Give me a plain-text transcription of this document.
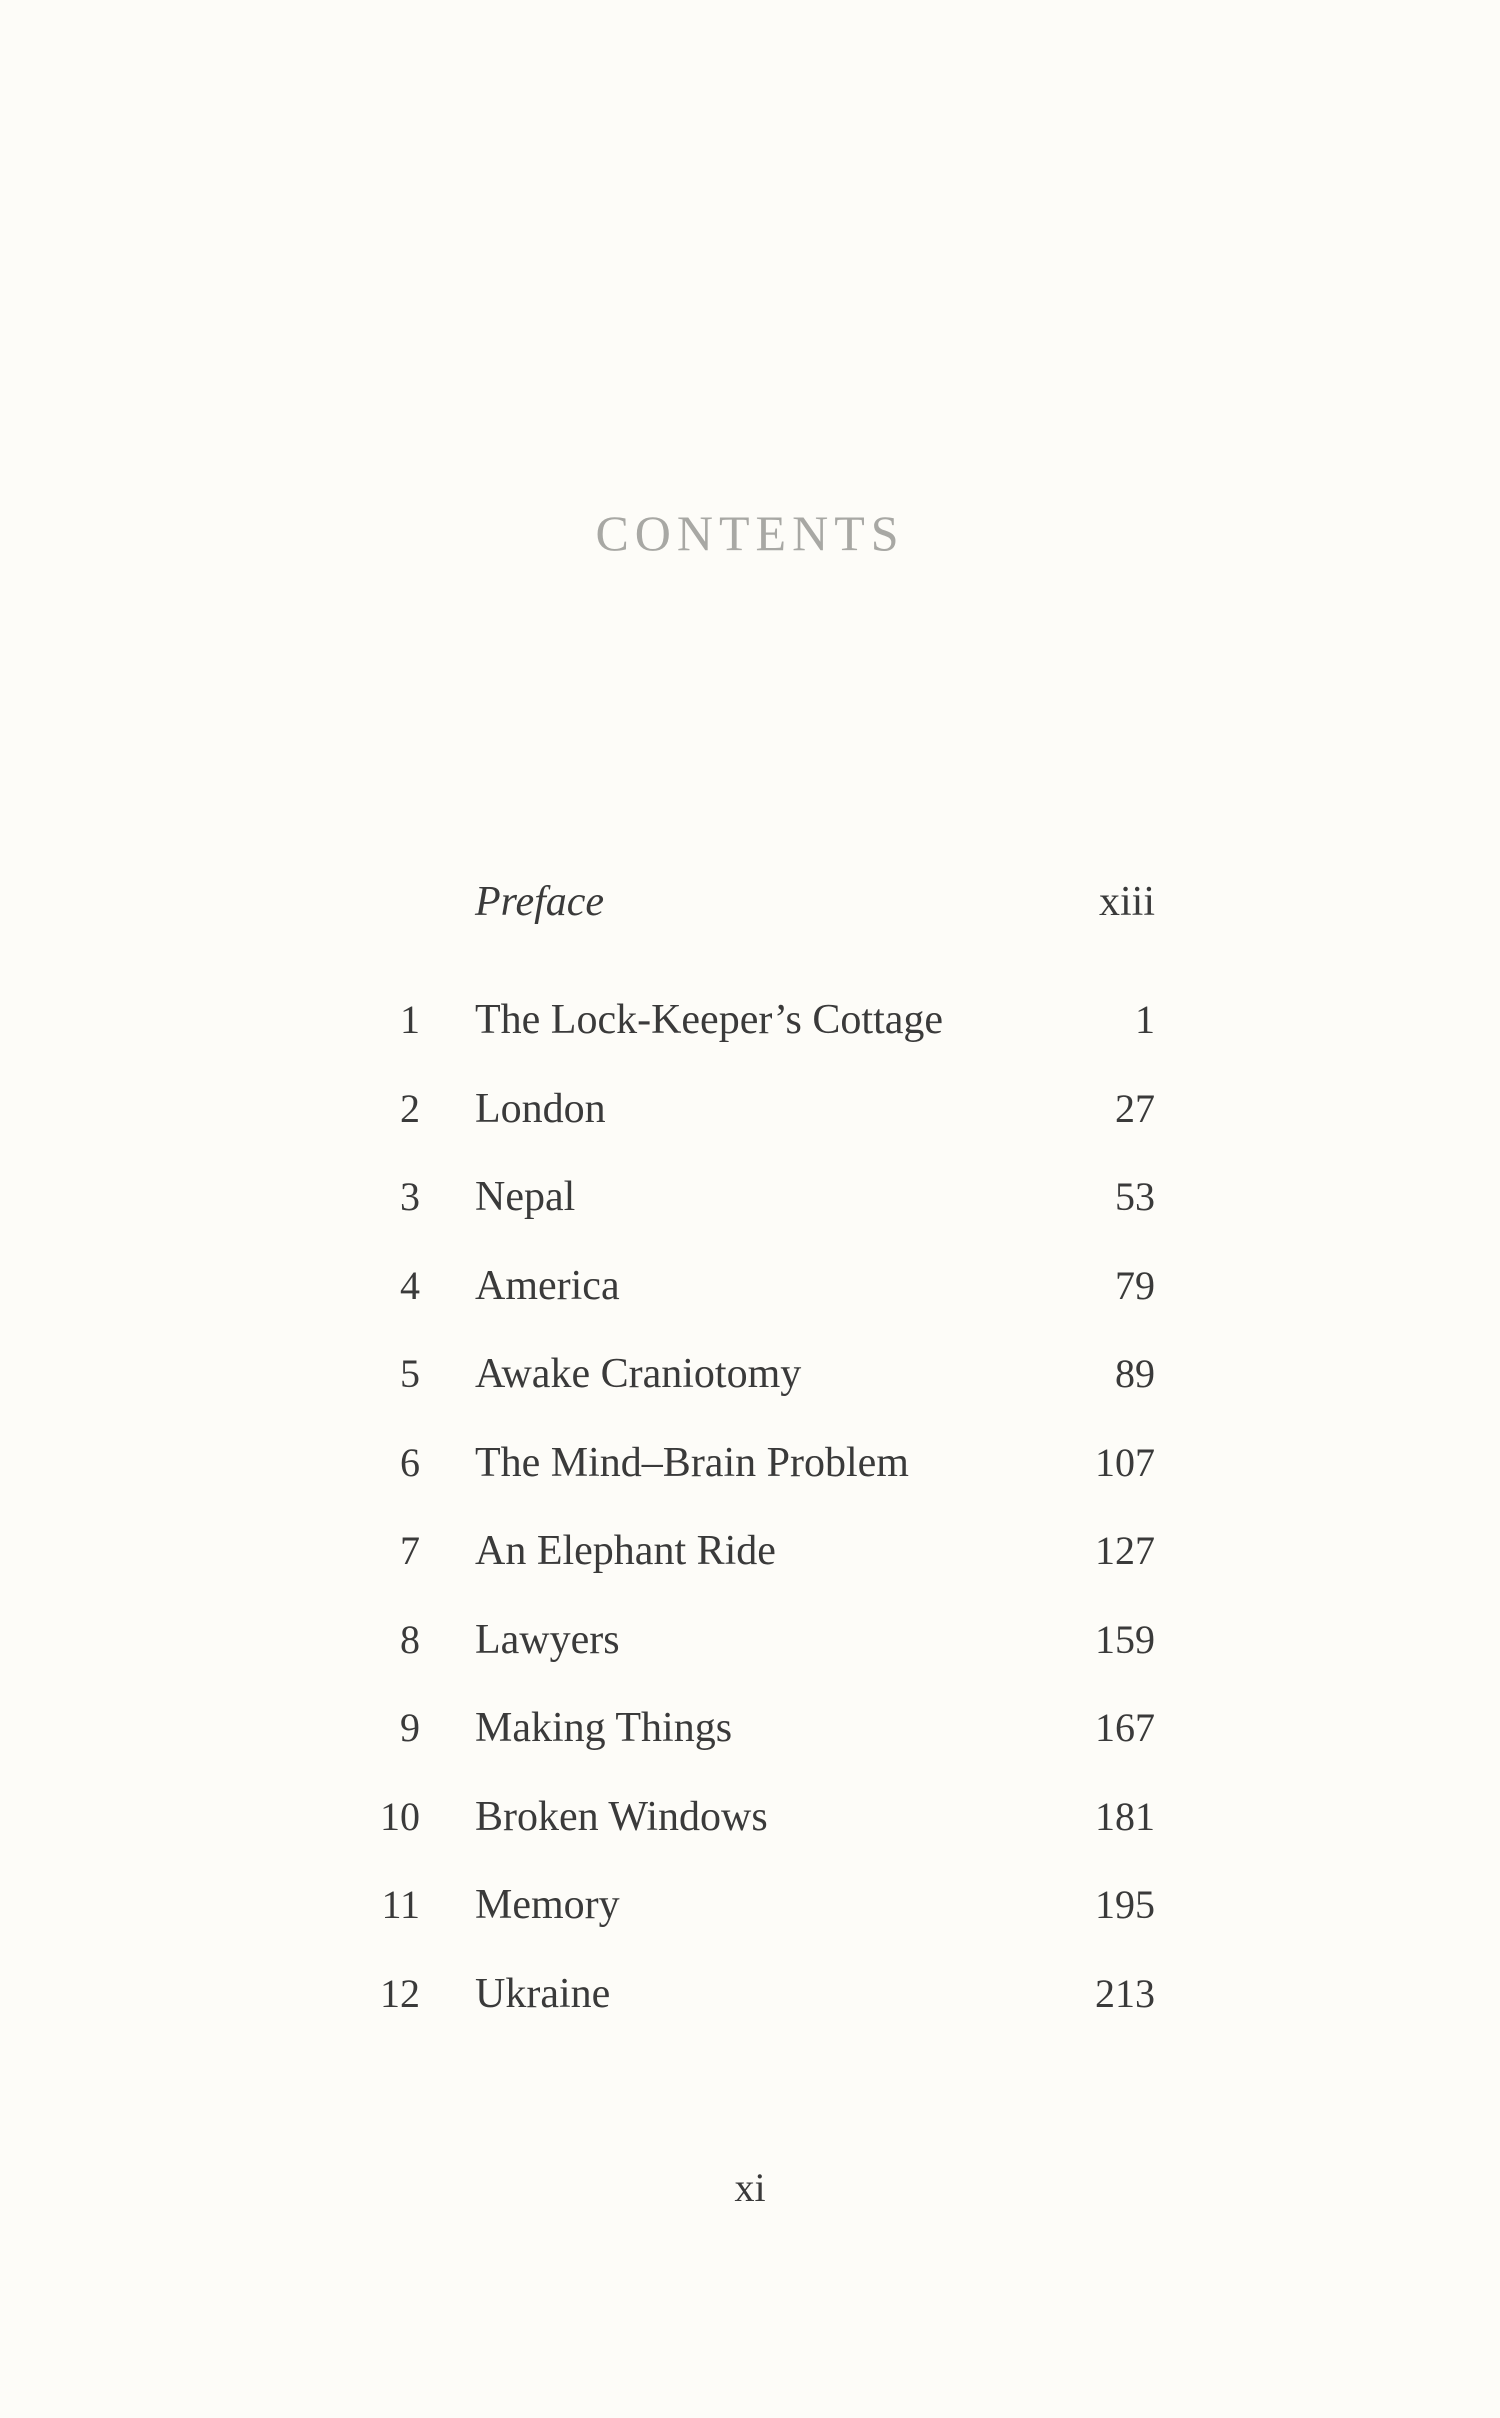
CONTENTS
Preface	xiii
1 The Lock-Keeper’s Cottage	1
2 London	27
3 Nepal	53
4 America	79
5 Awake Craniotomy	89
6 The Mind–Brain Problem	107
7 An Elephant Ride	127
8 Lawyers	159
9 Making Things	167
10 Broken Windows	181
11 Memory	195
12 Ukraine	213
xi
